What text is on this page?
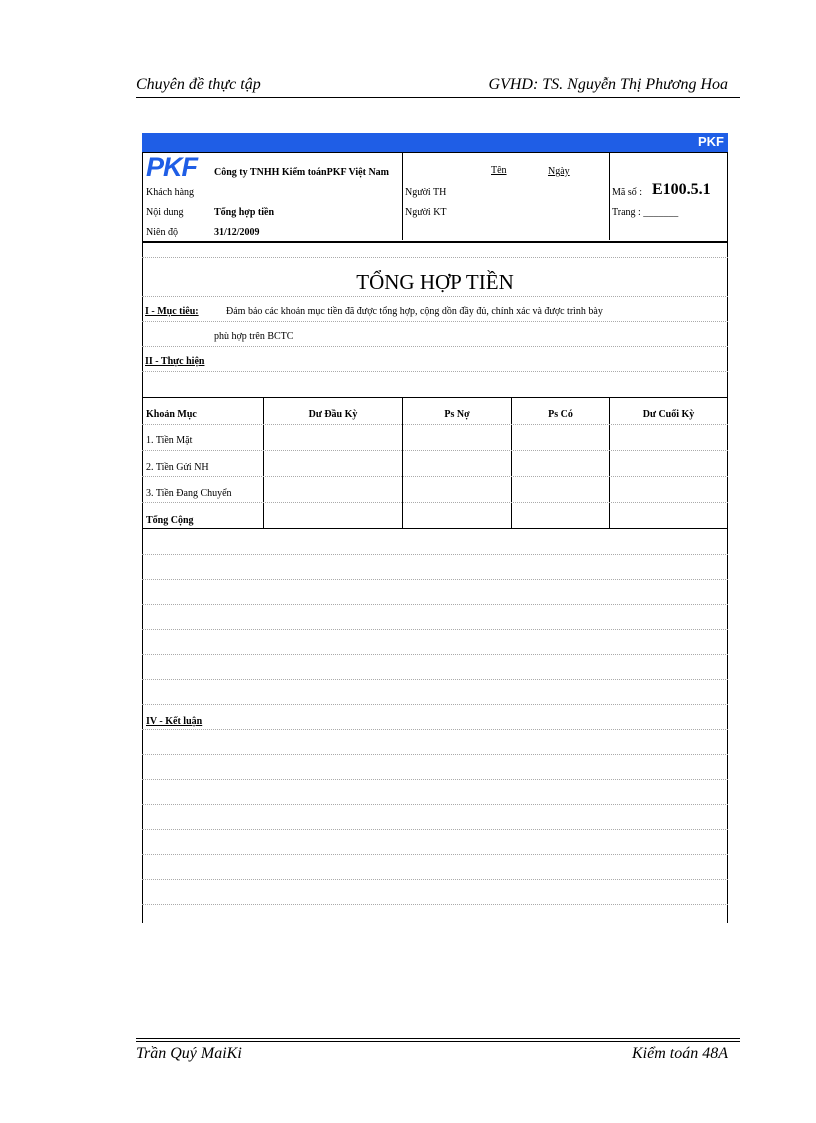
Chuyên đề thực tập	GVHD: TS. Nguyễn Thị Phương Hoa
PKF
PKF Công ty TNHH Kiểm toánPKF Việt Nam
Khách hàng
Nội dung	Tổng hợp tiền
Niên độ	31/12/2009
Tên	Ngày
Người TH
Người KT
Mã số : E100.5.1
Trang : _______
TỔNG HỢP TIỀN
I - Mục tiêu:	Đảm bảo các khoản mục tiền đã được tổng hợp, cộng dồn đầy đủ, chính xác và được trình bày
phù hợp trên BCTC
II - Thực hiện
Khoản Mục	Dư Đầu Kỳ	Ps Nợ	Ps Có	Dư Cuối Kỳ
1. Tiền Mặt
2. Tiền Gửi NH
3. Tiền Đang Chuyển
Tổng Cộng
IV - Kết luận
Trần Quý MaiKi	Kiểm toán 48A
